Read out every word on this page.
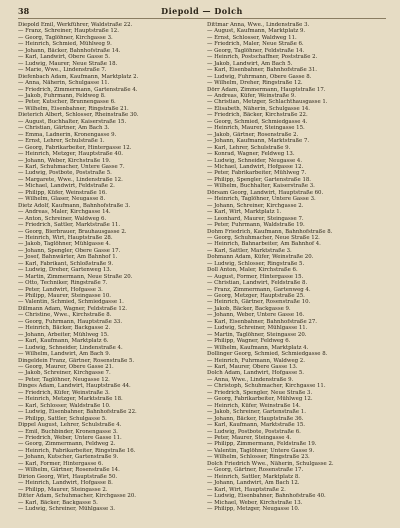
38	Diepold — Dolch
Diepold Emil, Werkführer, Waldstraße 22.
— Franz, Schreiner, Hauptstraße 12.
— Georg, Taglöhner, Kirchgasse 3.
— Heinrich, Schmied, Mühlweg 9.
— Johann, Bäcker, Bahnhofstraße 14.
— Karl, Landwirt, Obere Gasse 5.
— Ludwig, Maurer, Neue Straße 18.
— Marie, Wwe., Lindenstraße 7.
Diefenbach Adam, Kaufmann, Marktplatz 2.
— Anna, Näherin, Schulgasse 11.
— Friedrich, Zimmermann, Gartenstraße 4.
— Jakob, Fuhrmann, Feldweg 8.
— Peter, Kutscher, Brunnengasse 6.
— Wilhelm, Eisenbahner, Ringstraße 21.
Dieterich Albert, Schlosser, Rheinstraße 30.
— August, Buchhalter, Kaiserstraße 15.
— Christian, Gärtner, Am Bach 3.
— Emma, Ladnerin, Kronengasse 9.
— Ernst, Lehrer, Schulstraße 1.
— Georg, Fabrikarbeiter, Hintergasse 12.
— Heinrich, Metzger, Hauptstraße 40.
— Johann, Weber, Kirchstraße 19.
— Karl, Schuhmacher, Untere Gasse 7.
— Ludwig, Postbote, Poststraße 5.
— Margarete, Wwe., Lindenstraße 12.
— Michael, Landwirt, Feldstraße 2.
— Philipp, Küfer, Weinstraße 16.
— Wilhelm, Glaser, Neugasse 8.
Dietz Adolf, Kaufmann, Bahnhofstraße 3.
— Andreas, Maler, Kirchgasse 14.
— Anton, Schreiner, Waldweg 6.
— Friedrich, Sattler, Marktstraße 11.
— Georg, Bierbrauer, Brauhausgasse 2.
— Heinrich, Wirt, Hauptstraße 28.
— Jakob, Taglöhner, Mühlgasse 4.
— Johann, Spengler, Obere Gasse 17.
— Josef, Bahnwärter, Am Bahnhof 1.
— Karl, Fabrikant, Schloßstraße 9.
— Ludwig, Dreher, Gartenweg 13.
— Martin, Zimmermann, Neue Straße 20.
— Otto, Techniker, Ringstraße 7.
— Peter, Landwirt, Hofgasse 3.
— Philipp, Maurer, Steingasse 10.
— Valentin, Schmied, Schmiedgasse 1.
Dillmann Adam, Wagner, Feldstraße 12.
— Christine, Wwe., Kirchstraße 8.
— Georg, Fuhrmann, Hauptstraße 33.
— Heinrich, Bäcker, Backgasse 2.
— Johann, Arbeiter, Mühlweg 15.
— Karl, Kaufmann, Marktplatz 6.
— Ludwig, Schneider, Lindenstraße 4.
— Wilhelm, Landwirt, Am Bach 9.
Dingeldein Franz, Gärtner, Rosenstraße 5.
— Georg, Maurer, Obere Gasse 21.
— Jakob, Schreiner, Kirchgasse 7.
— Peter, Taglöhner, Neugasse 12.
Dinges Adam, Landwirt, Hauptstraße 44.
— Friedrich, Küfer, Weinstraße 3.
— Heinrich, Metzger, Marktstraße 18.
— Karl, Schlosser, Waldstraße 10.
— Ludwig, Eisenbahner, Bahnhofstraße 22.
— Philipp, Sattler, Schulgasse 5.
Dippel August, Lehrer, Schulstraße 4.
— Emil, Buchbinder, Kronengasse 3.
— Friedrich, Weber, Untere Gasse 11.
— Georg, Zimmermann, Feldweg 2.
— Heinrich, Fabrikarbeiter, Ringstraße 16.
— Johann, Kutscher, Gartenstraße 9.
— Karl, Former, Hintergasse 6.
— Wilhelm, Gärtner, Rosenstraße 14.
Dirion Georg, Wirt, Hauptstraße 50.
— Heinrich, Landwirt, Hofgasse 8.
— Philipp, Maurer, Steingasse 2.
Ditter Adam, Schuhmacher, Kirchgasse 20.
— Karl, Bäcker, Backgasse 5.
— Ludwig, Schreiner, Mühlgasse 3.
Dittmar Anna, Wwe., Lindenstraße 3.
— August, Kaufmann, Marktplatz 9.
— Ernst, Schlosser, Waldweg 11.
— Friedrich, Maler, Neue Straße 6.
— Georg, Taglöhner, Feldstraße 14.
— Heinrich, Postschaffner, Poststraße 2.
— Jakob, Landwirt, Am Bach 5.
— Karl, Eisenbahner, Bahnhofstraße 31.
— Ludwig, Fuhrmann, Obere Gasse 8.
— Wilhelm, Dreher, Ringstraße 12.
Dörr Adam, Zimmermann, Hauptstraße 17.
— Andreas, Küfer, Weinstraße 9.
— Christian, Metzger, Schlachthausgasse 1.
— Elisabeth, Näherin, Schulgasse 14.
— Friedrich, Bäcker, Kirchstraße 22.
— Georg, Schmied, Schmiedgasse 4.
— Heinrich, Maurer, Steingasse 15.
— Jakob, Gärtner, Rosenstraße 2.
— Johann, Kaufmann, Marktstraße 7.
— Karl, Lehrer, Schulstraße 9.
— Konrad, Wagner, Feldweg 13.
— Ludwig, Schneider, Neugasse 4.
— Michael, Landwirt, Hofgasse 12.
— Peter, Fabrikarbeiter, Mühlweg 7.
— Philipp, Spengler, Gartenstraße 18.
— Wilhelm, Buchhalter, Kaiserstraße 3.
Dörsam Georg, Landwirt, Hauptstraße 60.
— Heinrich, Taglöhner, Untere Gasse 3.
— Johann, Schreiner, Kirchgasse 2.
— Karl, Wirt, Marktplatz 1.
— Leonhard, Maurer, Steingasse 7.
— Peter, Fuhrmann, Waldstraße 19.
Dohm Friedrich, Kaufmann, Bahnhofstraße 8.
— Georg, Schuhmacher, Neue Straße 12.
— Heinrich, Bahnarbeiter, Am Bahnhof 4.
— Karl, Sattler, Marktstraße 3.
Dohmann Adam, Küfer, Weinstraße 20.
— Ludwig, Schlosser, Ringstraße 5.
Doll Anton, Maler, Kirchstraße 6.
— August, Former, Hintergasse 15.
— Christian, Landwirt, Feldstraße 8.
— Franz, Zimmermann, Gartenweg 4.
— Georg, Metzger, Hauptstraße 25.
— Heinrich, Gärtner, Rosenstraße 10.
— Jakob, Bäcker, Backgasse 9.
— Johann, Weber, Untere Gasse 16.
— Karl, Eisenbahner, Bahnhofstraße 27.
— Ludwig, Schreiner, Mühlgasse 11.
— Martin, Taglöhner, Steingasse 20.
— Philipp, Wagner, Feldweg 6.
— Wilhelm, Kaufmann, Marktplatz 4.
Dollinger Georg, Schmied, Schmiedgasse 8.
— Heinrich, Fuhrmann, Waldweg 2.
— Karl, Maurer, Obere Gasse 13.
Dolch Adam, Landwirt, Hofgasse 5.
— Anna, Wwe., Lindenstraße 9.
— Christoph, Schuhmacher, Kirchgasse 11.
— Friedrich, Spengler, Neue Straße 3.
— Georg, Fabrikarbeiter, Mühlweg 12.
— Heinrich, Küfer, Weinstraße 14.
— Jakob, Schreiner, Gartenstraße 1.
— Johann, Bäcker, Hauptstraße 36.
— Karl, Kaufmann, Marktstraße 15.
— Ludwig, Postbote, Poststraße 6.
— Peter, Maurer, Steingasse 4.
— Philipp, Zimmermann, Feldstraße 19.
— Valentin, Taglöhner, Untere Gasse 9.
— Wilhelm, Schlosser, Ringstraße 23.
Dolch Friedrich Wwe., Näherin, Schulgasse 2.
— Georg, Gärtner, Rosenstraße 17.
— Heinrich, Sattler, Marktplatz 8.
— Johann, Landwirt, Am Bach 12.
— Karl, Wirt, Hauptstraße 2.
— Ludwig, Eisenbahner, Bahnhofstraße 40.
— Michael, Weber, Kirchstraße 13.
— Philipp, Metzger, Neugasse 10.
